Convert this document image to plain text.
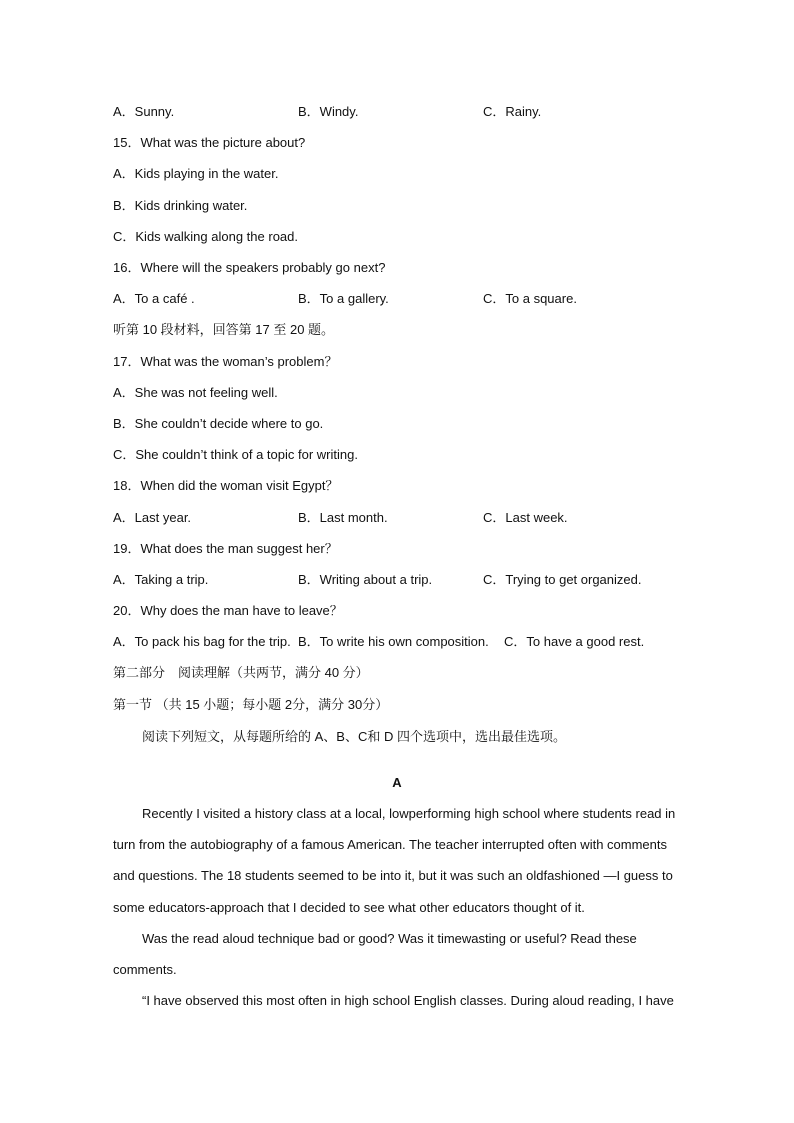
A．Sunny.	B．Windy.	C．Rainy.
15．What was the picture about?
A．Kids playing in the water.
B．Kids drinking water.
C．Kids walking along the road.
16．Where will the speakers probably go next?
A．To a café .	B．To a gallery.	C．To a square.
听第 10 段材料，回答第 17 至 20 题。
17．What was the woman’s problem？
A．She was not feeling well.
B．She couldn’t decide where to go.
C．She couldn’t think of a topic for writing.
18．When did the woman visit Egypt？
A．Last year.	B．Last month.	C．Last week.
19．What does the man suggest her？
A．Taking a trip.	B．Writing about a trip.	C．Trying to get organized.
20．Why does the man have to leave？
A．To pack his bag for the trip. B．To write his own composition. C．To have a good rest.
第二部分　阅读理解（共两节，满分 40 分）
第一节 （共 15 小题；每小题 2分，满分 30分）
阅读下列短文，从每题所给的 A、B、C和 D 四个选项中，选出最佳选项。
A
Recently I visited a history class at a local, lowperforming high school where students read in
turn from the autobiography of a famous American. The teacher interrupted often with comments
and questions. The 18 students seemed to be into it, but it was such an oldfashioned —I guess to
some educators-approach that I decided to see what other educators thought of it.
Was the read aloud technique bad or good? Was it timewasting or useful? Read these
comments.
“I have observed this most often in high school English classes. During aloud reading, I have
